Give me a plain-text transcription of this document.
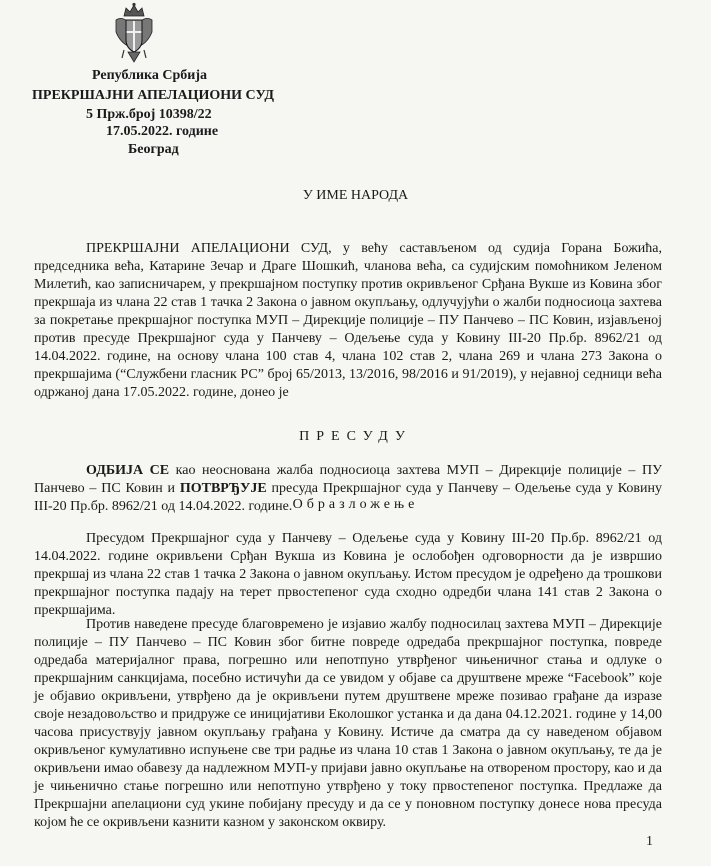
Република Србија
ПРЕКРШАЈНИ АПЕЛАЦИОНИ СУД
5 Прж.број 10398/22
17.05.2022. године
Београд
У ИМЕ НАРОДА

ПРЕКРШАЈНИ АПЕЛАЦИОНИ СУД, у већу састављеном од судија Горана Божића, председника већа, Катарине Зечар и Драге Шошкић, чланова већа, са судијским помоћником Јеленом Милетић, као записничарем, у прекршајном поступку против окривљеног Срђана Вукше из Ковина због прекршаја из члана 22 став 1 тачка 2 Закона о јавном окупљању, одлучујући о жалби подносиоца захтева за покретање прекршајног поступка МУП – Дирекције полиције – ПУ Панчево – ПС Ковин, изјављеној против пресуде Прекршајног суда у Панчеву – Одељење суда у Ковину III-20 Пр.бр. 8962/21 од 14.04.2022. године, на основу члана 100 став 4, члана 102 став 2, члана 269 и члана 273 Закона о прекршајима (“Службени гласник РС” број 65/2013, 13/2016, 98/2016 и 91/2019), у нејавној седници већа одржаној дана 17.05.2022. године, донео је

ПРЕСУДУ

ОДБИЈА СЕ као неоснована жалба подносиоца захтева МУП – Дирекције полиције – ПУ Панчево – ПС Ковин и ПОТВРЂУЈЕ пресуда Прекршајног суда у Панчеву – Одељење суда у Ковину III-20 Пр.бр. 8962/21 од 14.04.2022. године. Образложење

Пресудом Прекршајног суда у Панчеву – Одељење суда у Ковину III-20 Пр.бр. 8962/21 од 14.04.2022. године окривљени Срђан Вукша из Ковина је ослобођен одговорности да је извршио прекршај из члана 22 став 1 тачка 2 Закона о јавном окупљању. Истом пресудом је одређено да трошкови прекршајног поступка падају на терет првостепеног суда сходно одредби члана 141 став 2 Закона о прекршајима.

Против наведене пресуде благовремено је изјавио жалбу подносилац захтева МУП – Дирекције полиције – ПУ Панчево – ПС Ковин због битне повреде одредаба прекршајног поступка, повреде одредаба материјалног права, погрешно или непотпуно утврђеног чињеничног стања и одлуке о прекршајним санкцијама, посебно истичући да се увидом у објаве са друштвене мреже “Facebook” које је објавио окривљени, утврђено да је окривљени путем друштвене мреже позивао грађане да изразе своје незадовољство и придруже се иницијативи Еколошког устанка и да дана 04.12.2021. године у 14,00 часова присуствују јавном окупљању грађана у Ковину. Истиче да сматра да су наведеном објавом окривљеног кумулативно испуњене све три радње из члана 10 став 1 Закона о јавном окупљању, те да је окривљени имао обавезу да надлежном МУП-у пријави јавно окупљање на отвореном простору, као и да је чињенично стање погрешно или непотпуно утврђено у току првостепеног поступка. Предлаже да Прекршајни апелациони суд укине побијану пресуду и да се у поновном поступку донесе нова пресуда којом ће се окривљени казнити казном у законском оквиру.

1
